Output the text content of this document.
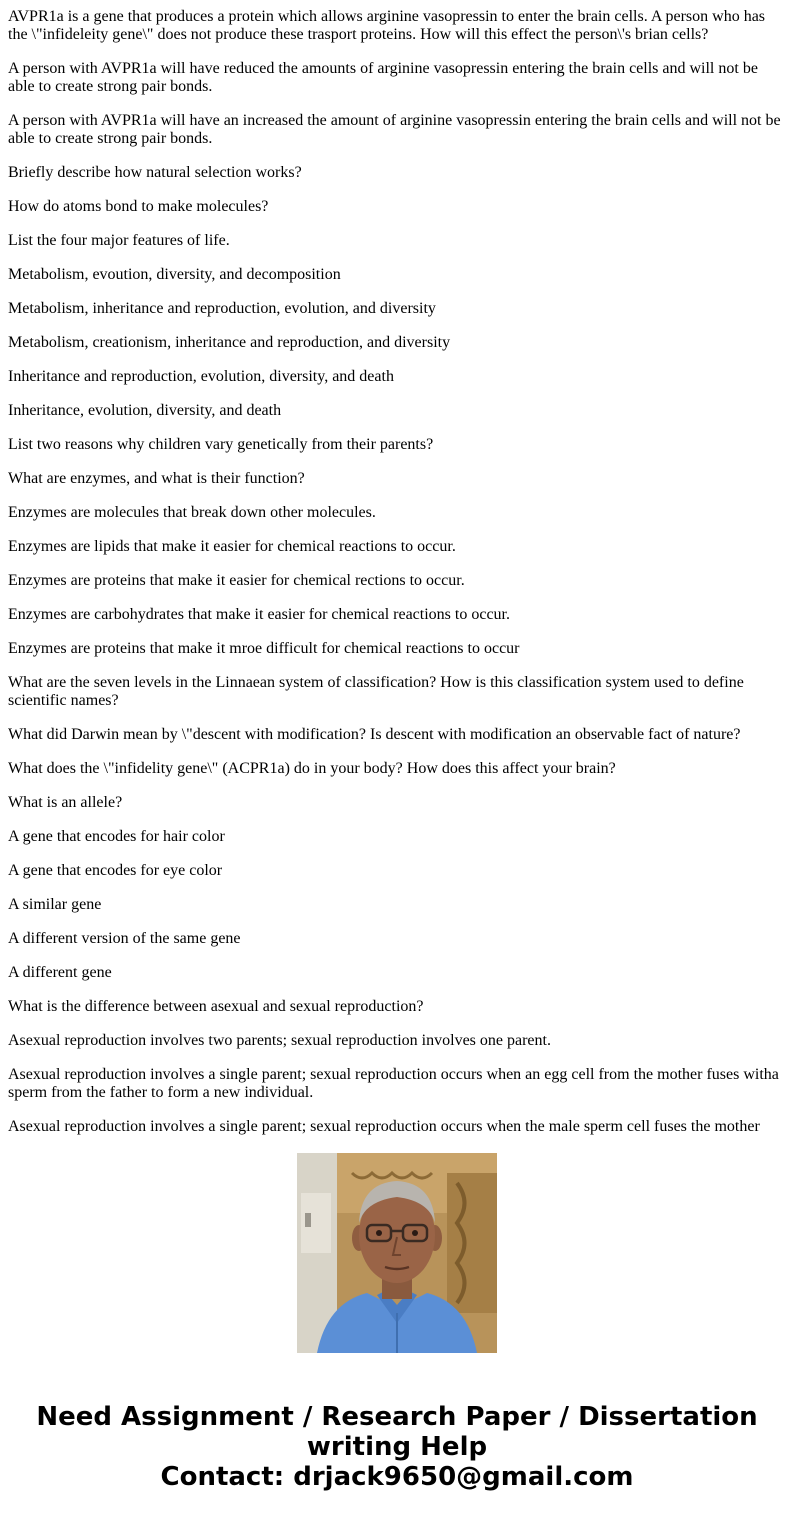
AVPR1a is a gene that produces a protein which allows arginine vasopressin to enter the brain cells. A person who has the \"infideleity gene\" does not produce these trasport proteins. How will this effect the person\'s brian cells?

A person with AVPR1a will have reduced the amounts of arginine vasopressin entering the brain cells and will not be able to create strong pair bonds.

A person with AVPR1a will have an increased the amount of arginine vasopressin entering the brain cells and will not be able to create strong pair bonds.

Briefly describe how natural selection works?

How do atoms bond to make molecules?

List the four major features of life.

Metabolism, evoution, diversity, and decomposition

Metabolism, inheritance and reproduction, evolution, and diversity

Metabolism, creationism, inheritance and reproduction, and diversity

Inheritance and reproduction, evolution, diversity, and death

Inheritance, evolution, diversity, and death

List two reasons why children vary genetically from their parents?

What are enzymes, and what is their function?

Enzymes are molecules that break down other molecules.

Enzymes are lipids that make it easier for chemical reactions to occur.

Enzymes are proteins that make it easier for chemical rections to occur.

Enzymes are carbohydrates that make it easier for chemical reactions to occur.

Enzymes are proteins that make it mroe difficult for chemical reactions to occur

What are the seven levels in the Linnaean system of classification? How is this classification system used to define scientific names?

What did Darwin mean by \"descent with modification? Is descent with modification an observable fact of nature?

What does the \"infidelity gene\" (ACPR1a) do in your body? How does this affect your brain?

What is an allele?

A gene that encodes for hair color

A gene that encodes for eye color

A similar gene

A different version of the same gene

A different gene

What is the difference between asexual and sexual reproduction?

Asexual reproduction involves two parents; sexual reproduction involves one parent.

Asexual reproduction involves a single parent; sexual reproduction occurs when an egg cell from the mother fuses witha sperm from the father to form a new individual.

Asexual reproduction involves a single parent; sexual reproduction occurs when the male sperm cell fuses the mother

Need Assignment / Research Paper / Dissertation
writing Help
Contact: drjack9650@gmail.com
